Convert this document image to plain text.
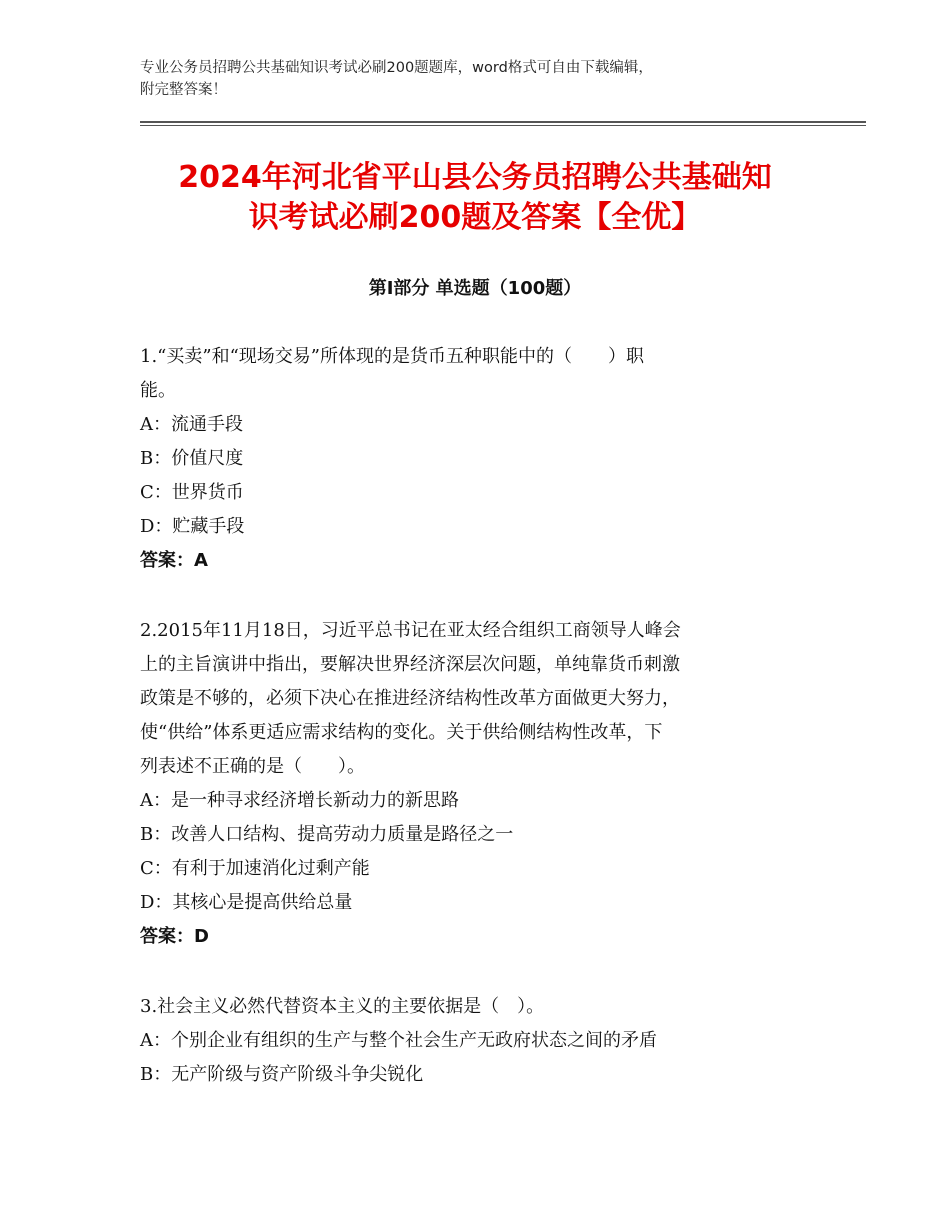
专业公务员招聘公共基础知识考试必刷200题题库，word格式可自由下载编辑，
附完整答案！
2024年河北省平山县公务员招聘公共基础知
识考试必刷200题及答案【全优】
第Ⅰ部分 单选题（100题）
1.“买卖”和“现场交易”所体现的是货币五种职能中的（　　）职
能。
A：流通手段
B：价值尺度
C：世界货币
D：贮藏手段
答案：A
2.2015年11月18日，习近平总书记在亚太经合组织工商领导人峰会
上的主旨演讲中指出，要解决世界经济深层次问题，单纯靠货币刺激
政策是不够的，必须下决心在推进经济结构性改革方面做更大努力，
使“供给”体系更适应需求结构的变化。关于供给侧结构性改革，下
列表述不正确的是（　　）。
A：是一种寻求经济增长新动力的新思路
B：改善人口结构、提高劳动力质量是路径之一
C：有利于加速消化过剩产能
D：其核心是提高供给总量
答案：D
3.社会主义必然代替资本主义的主要依据是（　）。
A：个别企业有组织的生产与整个社会生产无政府状态之间的矛盾
B：无产阶级与资产阶级斗争尖锐化
